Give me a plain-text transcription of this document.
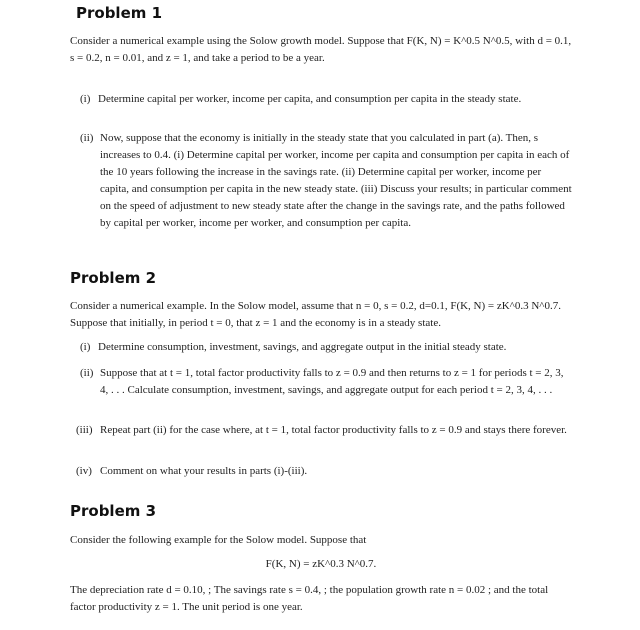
Problem 1

Consider a numerical example using the Solow growth model. Suppose that F(K, N) = K^0.5 N^0.5, with d = 0.1, s = 0.2, n = 0.01, and z = 1, and take a period to be a year.

(i) Determine capital per worker, income per capita, and consumption per capita in the steady state.

(ii) Now, suppose that the economy is initially in the steady state that you calculated in part (a). Then, s increases to 0.4. (i) Determine capital per worker, income per capita and consumption per capita in each of the 10 years following the increase in the savings rate. (ii) Determine capital per worker, income per capita, and consumption per capita in the new steady state. (iii) Discuss your results; in particular comment on the speed of adjustment to new steady state after the change in the savings rate, and the paths followed by capital per worker, income per worker, and consumption per capita.

Problem 2

Consider a numerical example. In the Solow model, assume that n = 0, s = 0.2, d=0.1, F(K, N) = zK^0.3 N^0.7. Suppose that initially, in period t = 0, that z = 1 and the economy is in a steady state.

(i) Determine consumption, investment, savings, and aggregate output in the initial steady state.

(ii) Suppose that at t = 1, total factor productivity falls to z = 0.9 and then returns to z = 1 for periods t = 2, 3, 4, . . . Calculate consumption, investment, savings, and aggregate output for each period t = 2, 3, 4, . . .

(iii) Repeat part (ii) for the case where, at t = 1, total factor productivity falls to z = 0.9 and stays there forever.

(iv) Comment on what your results in parts (i)-(iii).

Problem 3

Consider the following example for the Solow model. Suppose that

F(K, N) = zK^0.3 N^0.7.

The depreciation rate d = 0.10, ; The savings rate s = 0.4, ; the population growth rate n = 0.02 ; and the total factor productivity z = 1. The unit period is one year.
